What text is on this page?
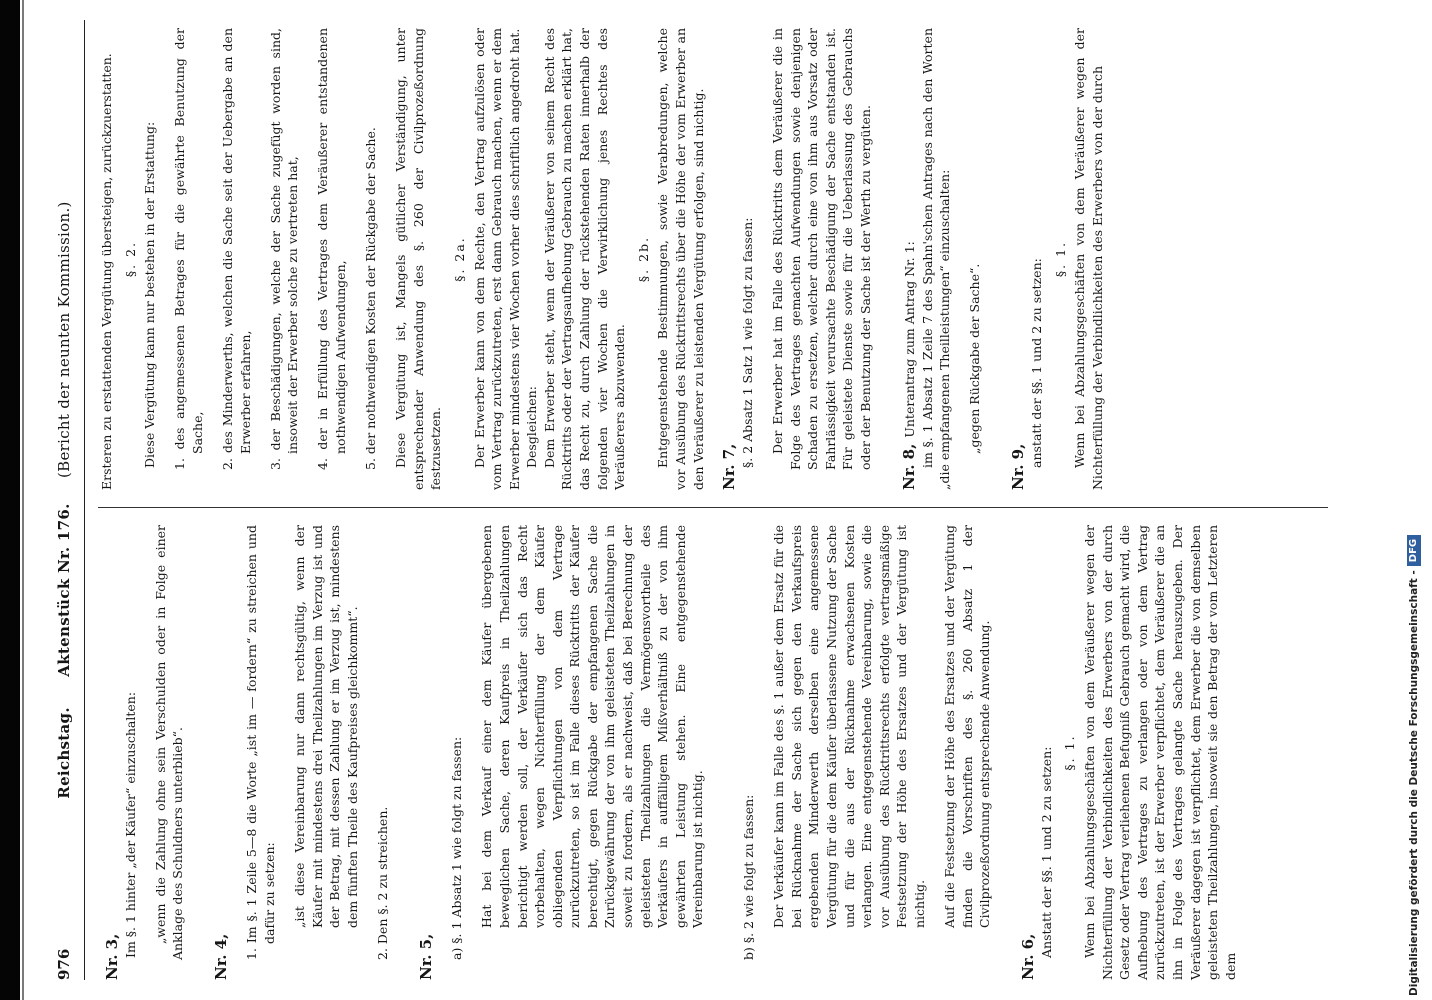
976
Reichstag.      Aktenstück Nr. 176.     (Bericht der neunten Kommission.)
Nr. 3, Im §. 1 hinter „der Käufer“ einzuschalten: „wenn die Zahlung ohne sein Verschulden oder in Folge einer Anklage des Schuldners unterblieb“. Nr. 4, 1. Im §. 1 Zeile 5—8 die Worte „ist im — fordern“ zu streichen und dafür zu setzen: „ist diese Vereinbarung nur dann rechtsgültig, wenn der Käufer mit mindestens drei Theilzahlungen im Verzug ist und der Betrag, mit dessen Zahlung er im Verzug ist, mindestens dem fünften Theile des Kaufpreises gleichkommt“. 2. Den §. 2 zu streichen. Nr. 5, a) §. 1 Absatz 1 wie folgt zu fassen: Hat bei dem Verkauf einer dem Käufer übergebenen beweglichen Sache, deren Kaufpreis in Theilzahlungen berichtigt werden soll, der Verkäufer sich das Recht vorbehalten, wegen Nichterfüllung der dem Käufer obliegenden Verpflichtungen von dem Vertrage zurückzutreten, so ist im Falle dieses Rücktritts der Käufer berechtigt, gegen Rückgabe der empfangenen Sache die Zurückgewährung der von ihm geleisteten Theilzahlungen in soweit zu fordern, als er nachweist, daß bei Berechnung der geleisteten Theilzahlungen die Vermögensvortheile des Verkäufers in auffälligem Mißverhältniß zu der von ihm gewährten Leistung stehen. Eine entgegenstehende Vereinbarung ist nichtig.	b) §. 2 wie folgt zu fassen: Der Verkäufer kann im Falle des §. 1 außer dem Ersatz für die bei Rücknahme der Sache sich gegen den Verkaufspreis ergebenden Minderwerth derselben eine angemessene Vergütung für die dem Käufer überlassene Nutzung der Sache und für die aus der Rücknahme erwachsenen Kosten verlangen. Eine entgegenstehende Vereinbarung, sowie die vor Ausübung des Rücktrittsrechts erfolgte vertragsmäßige Festsetzung der Höhe des Ersatzes und der Vergütung ist nichtig. Auf die Festsetzung der Höhe des Ersatzes und der Vergütung finden die Vorschriften des §. 260 Absatz 1 der Civilprozeßordnung entsprechende Anwendung.

Nr. 6, Anstatt der §§. 1 und 2 zu setzen: §. 1. Wenn bei Abzahlungsgeschäften von dem Veräußerer wegen der Nichterfüllung der Verbindlichkeiten des Erwerbers von der durch Gesetz oder Vertrag verliehenen Befugniß Gebrauch gemacht wird, die Aufhebung des Vertrages zu verlangen oder von dem Vertrag zurückzutreten, ist der Erwerber verpflichtet, dem Veräußerer die an ihn in Folge des Vertrages gelangte Sache herauszugeben. Der Veräußerer dagegen ist verpflichtet, dem Erwerber die von demselben geleisteten Theilzahlungen, insoweit sie den Betrag der vom Letzteren dem

Ersteren zu erstattenden Vergütung übersteigen, zurückzuerstatten. §. 2. Diese Vergütung kann nur bestehen in der Erstattung: 1. des angemessenen Betrages für die gewährte Benutzung der Sache, 2. des Minderwerths, welchen die Sache seit der Uebergabe an den Erwerber erfahren, 3. der Beschädigungen, welche der Sache zugefügt worden sind, insoweit der Erwerber solche zu vertreten hat, 4. der in Erfüllung des Vertrages dem Veräußerer entstandenen nothwendigen Aufwendungen, 5. der nothwendigen Kosten der Rückgabe der Sache. Diese Vergütung ist, Mangels gütlicher Verständigung, unter entsprechender Anwendung des §. 260 der Civilprozeßordnung festzusetzen.

§. 2a. Der Erwerber kann von dem Rechte, den Vertrag aufzulösen oder vom Vertrag zurückzutreten, erst dann Gebrauch machen, wenn er dem Erwerber mindestens vier Wochen vorher dies schriftlich angedroht hat. Desgleichen: Dem Erwerber steht, wenn der Veräußerer von seinem Recht des Rücktritts oder der Vertragsaufhebung Gebrauch zu machen erklärt hat, das Recht zu, durch Zahlung der rückstehenden Raten innerhalb der folgenden vier Wochen die Verwirklichung jenes Rechtes des Veräußerers abzuwenden.

§. 2b. Entgegenstehende Bestimmungen, sowie Verabredungen, welche vor Ausübung des Rücktrittsrechts über die Höhe der vom Erwerber an den Veräußerer zu leistenden Vergütung erfolgen, sind nichtig. Nr. 7, §. 2 Absatz 1 Satz 1 wie folgt zu fassen: Der Erwerber hat im Falle des Rücktritts dem Veräußerer die in Folge des Vertrages gemachten Aufwendungen sowie denjenigen Schaden zu ersetzen, welcher durch eine von ihm aus Vorsatz oder Fahrlässigkeit verursachte Beschädigung der Sache entstanden ist. Für geleistete Dienste sowie für die Ueberlassung des Gebrauchs oder der Benutzung der Sache ist der Werth zu vergüten. Nr. 8,Unterantrag zum Antrag Nr. 1: im §. 1 Absatz 1 Zeile 7 des Spahn'schen Antrages nach den Worten „die empfangenen Theilleistungen“ einzuschalten: „gegen Rückgabe der Sache“.

Nr. 9, anstatt der §§. 1 und 2 zu setzen: §. 1. Wenn bei Abzahlungsgeschäften von dem Veräußerer wegen der Nichterfüllung der Verbindlichkeiten des Erwerbers von der durch

Digitalisierung gefördert durch die Deutsche Forschungsgemeinschaft -DFG
